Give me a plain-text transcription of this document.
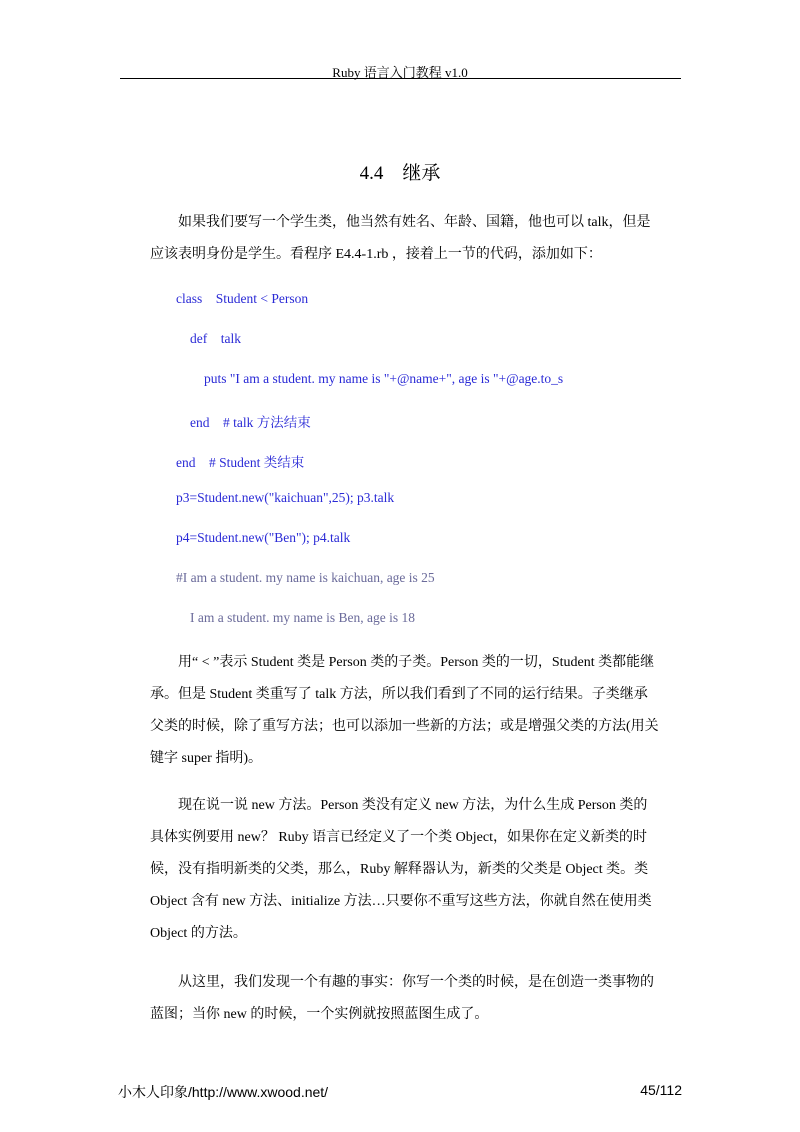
Ruby 语言入门教程 v1.0
4.4　继承

如果我们要写一个学生类，他当然有姓名、年龄、国籍，他也可以 talk，但是应该表明身份是学生。看程序 E4.4-1.rb ，接着上一节的代码，添加如下：

class    Student < Person
def    talk
puts "I am a student. my name is "+@name+", age is "+@age.to_s
end    # talk 方法结束
end    # Student 类结束
p3=Student.new("kaichuan",25); p3.talk
p4=Student.new("Ben"); p4.talk
#I am a student. my name is kaichuan, age is 25
I am a student. my name is Ben, age is 18

用“ < ”表示 Student 类是 Person 类的子类。Person 类的一切，Student 类都能继承。但是 Student 类重写了 talk 方法，所以我们看到了不同的运行结果。子类继承父类的时候，除了重写方法；也可以添加一些新的方法；或是增强父类的方法(用关键字 super 指明)。

现在说一说 new 方法。Person 类没有定义 new 方法，为什么生成 Person 类的具体实例要用 new？ Ruby 语言已经定义了一个类 Object，如果你在定义新类的时候，没有指明新类的父类，那么，Ruby 解释器认为，新类的父类是 Object 类。类 Object 含有 new 方法、initialize 方法…只要你不重写这些方法，你就自然在使用类 Object 的方法。

从这里，我们发现一个有趣的事实：你写一个类的时候，是在创造一类事物的蓝图；当你 new 的时候，一个实例就按照蓝图生成了。

小木人印象/http://www.xwood.net/	45/112
